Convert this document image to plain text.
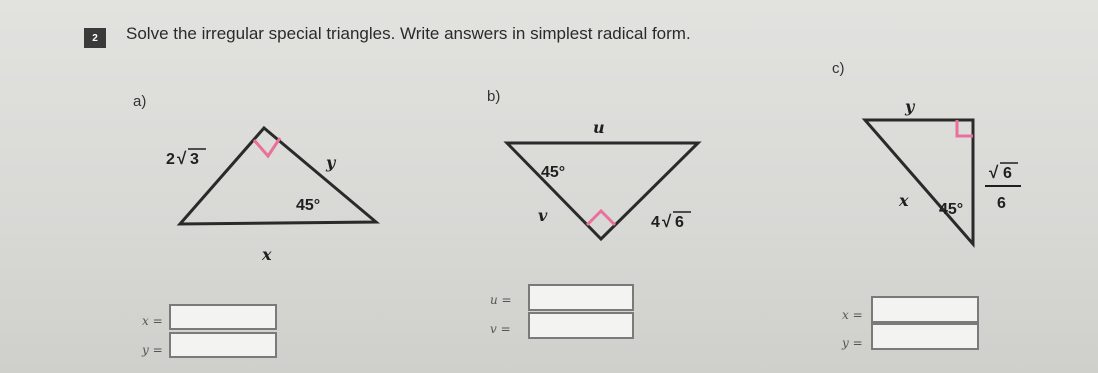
2	Solve the irregular special triangles. Write answers in simplest radical form.
a)
2 √ 3	y
45°
x
x =
y =
b)
u
45°
v	4 √ 6
u =
v =
c)
y
x 45°
√ 6
6
x =
y =
